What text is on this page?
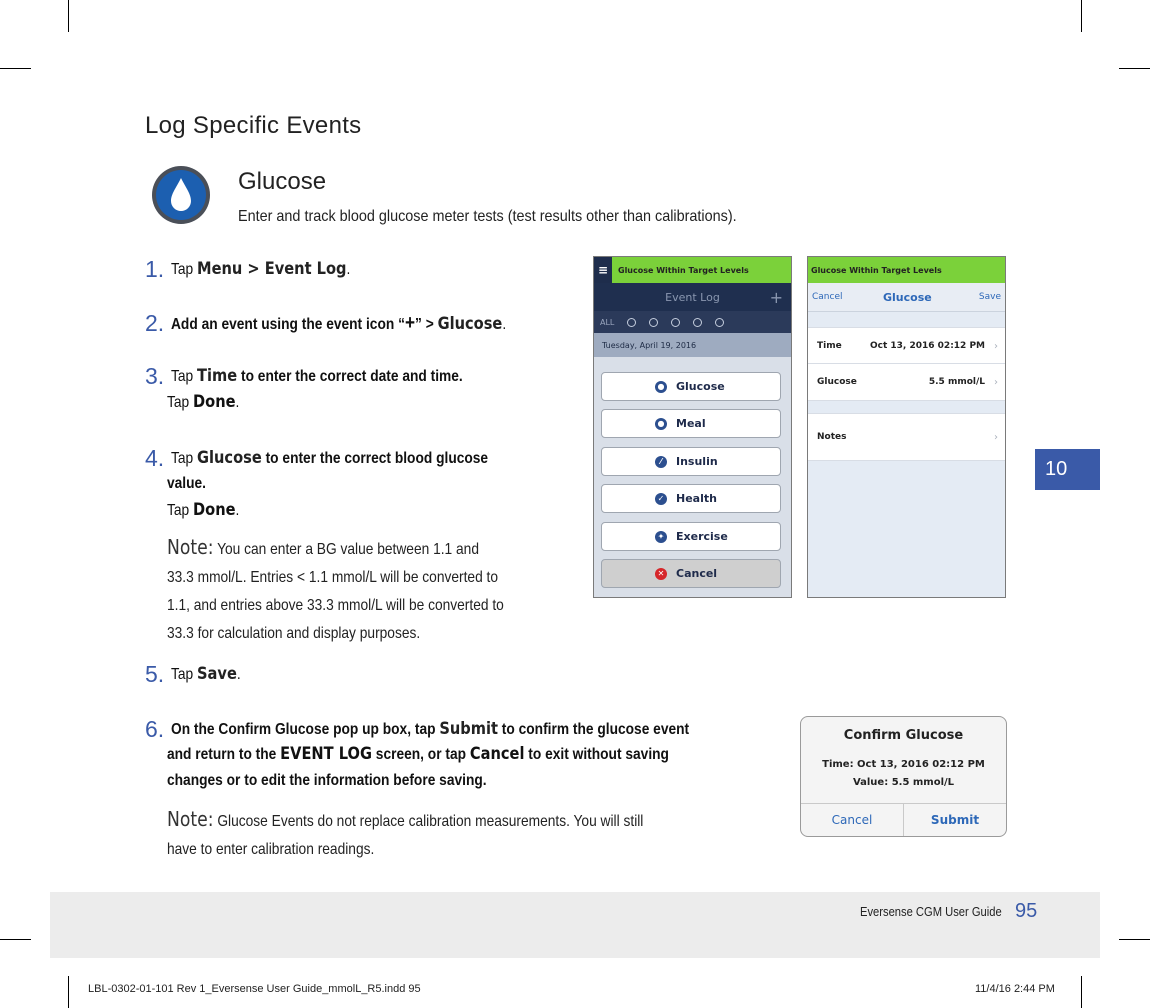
Log Specific Events
Glucose
Enter and track blood glucose meter tests (test results other than calibrations).
1. Tap Menu > Event Log.
2. Add an event using the event icon “+” > Glucose.
3. Tap Time to enter the correct date and time.
Tap Done.
4. Tap Glucose to enter the correct blood glucose
value.
Tap Done.
Note: You can enter a BG value between 1.1 and
33.3 mmol/L. Entries < 1.1 mmol/L will be converted to
1.1, and entries above 33.3 mmol/L will be converted to
33.3 for calculation and display purposes.
5. Tap Save.
6. On the Confirm Glucose pop up box, tap Submit to confirm the glucose event
and return to the EVENT LOG screen, or tap Cancel to exit without saving
changes or to edit the information before saving.
Note: Glucose Events do not replace calibration measurements. You will still
have to enter calibration readings.
≡	Glucose Within Target Levels
Event Log	+
ALL
Tuesday, April 19, 2016
● Glucose
● Meal
⁄	Insulin
✓ Health
✦ Exercise
✕ Cancel
Glucose Within Target Levels
Cancel	Glucose	Save
Time	Oct 13, 2016 02:12 PM ›
Glucose	5.5 mmol/L ›
Notes	›
10
Confirm Glucose
Time: Oct 13, 2016 02:12 PM
Value: 5.5 mmol/L
Cancel	Submit
Eversense CGM User Guide 95
LBL-0302-01-101 Rev 1_Eversense User Guide_mmolL_R5.indd 95	11/4/16 2:44 PM
